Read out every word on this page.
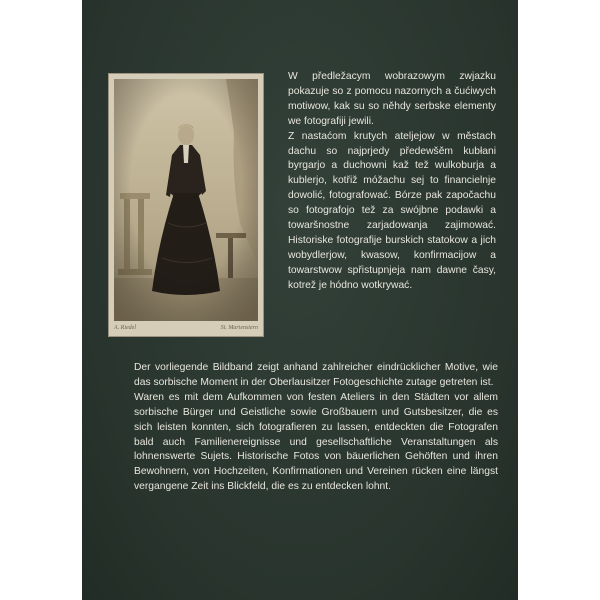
A. Riedel	St. Marienstern

W předležacym wobrazowym zwjazku pokazuje so z pomocu nazornych a čućiwych motiwow, kak su so něhdy serbske elementy we fotografiji jewili.

Z nastaćom krutych ateljejow w městach dachu so najprjedy předewšěm kubłani byrgarjo a duchowni kaž tež wulkoburja a kublerjo, kotřiž móžachu sej to financielnje dowolić, fotografować. Bórze pak započachu so fotografojo tež za swójbne podawki a towaršnostne zarjadowanja zajimować. Historiske fotografije burskich statokow a jich wobydlerjow, kwasow, konfirmacijow a towarstwow spřistupnjeja nam dawne časy, kotrež je hódno wotkrywać.

Der vorliegende Bildband zeigt anhand zahlreicher eindrücklicher Motive, wie das sorbische Moment in der Oberlausitzer Fotogeschichte zutage getreten ist.

Waren es mit dem Aufkommen von festen Ateliers in den Städten vor allem sorbische Bürger und Geistliche sowie Großbauern und Gutsbesitzer, die es sich leisten konnten, sich fotografieren zu lassen, entdeckten die Fotografen bald auch Familienereignisse und gesellschaftliche Veranstaltungen als lohnenswerte Sujets. Historische Fotos von bäuerlichen Gehöften und ihren Bewohnern, von Hochzeiten, Konfirmationen und Vereinen rücken eine längst vergangene Zeit ins Blickfeld, die es zu entdecken lohnt.
